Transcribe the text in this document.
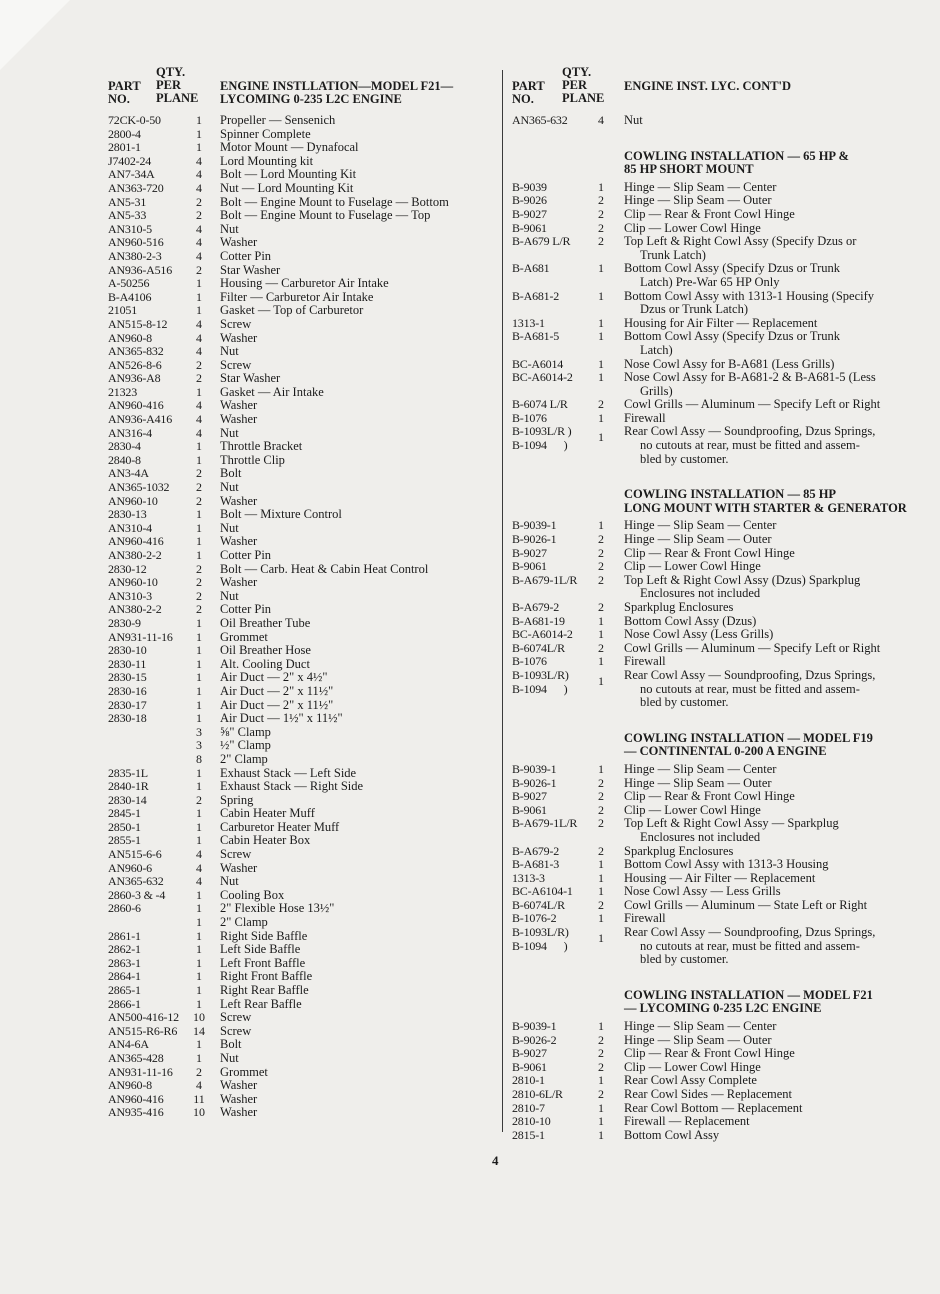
PART
NO.
QTY.
PER
PLANE
ENGINE INSTLLATION—MODEL F21—
LYCOMING 0-235 L2C ENGINE
72CK-0-50	1	Propeller — Sensenich
2800-4	1	Spinner Complete
2801-1	1	Motor Mount — Dynafocal
J7402-24	4	Lord Mounting kit
AN7-34A	4	Bolt — Lord Mounting Kit
AN363-720	4	Nut — Lord Mounting Kit
AN5-31	2	Bolt — Engine Mount to Fuselage — Bottom
AN5-33	2	Bolt — Engine Mount to Fuselage — Top
AN310-5	4	Nut
AN960-516	4	Washer
AN380-2-3	4	Cotter Pin
AN936-A516	2	Star Washer
A-50256	1	Housing — Carburetor Air Intake
B-A4106	1	Filter — Carburetor Air Intake
21051	1	Gasket — Top of Carburetor
AN515-8-12	4	Screw
AN960-8	4	Washer
AN365-832	4	Nut
AN526-8-6	2	Screw
AN936-A8	2	Star Washer
21323	1	Gasket — Air Intake
AN960-416	4	Washer
AN936-A416	4	Washer
AN316-4	4	Nut
2830-4	1	Throttle Bracket
2840-8	1	Throttle Clip
AN3-4A	2	Bolt
AN365-1032	2	Nut
AN960-10	2	Washer
2830-13	1	Bolt — Mixture Control
AN310-4	1	Nut
AN960-416	1	Washer
AN380-2-2	1	Cotter Pin
2830-12	2	Bolt — Carb. Heat & Cabin Heat Control
AN960-10	2	Washer
AN310-3	2	Nut
AN380-2-2	2	Cotter Pin
2830-9	1	Oil Breather Tube
AN931-11-16	1	Grommet
2830-10	1	Oil Breather Hose
2830-11	1	Alt. Cooling Duct
2830-15	1	Air Duct — 2" x 4½"
2830-16	1	Air Duct — 2" x 11½"
2830-17	1	Air Duct — 2" x 11½"
2830-18	1	Air Duct — 1½" x 11½"
3	⅝" Clamp
3	½" Clamp
8	2" Clamp
2835-1L	1	Exhaust Stack — Left Side
2840-1R	1	Exhaust Stack — Right Side
2830-14	2	Spring
2845-1	1	Cabin Heater Muff
2850-1	1	Carburetor Heater Muff
2855-1	1	Cabin Heater Box
AN515-6-6	4	Screw
AN960-6	4	Washer
AN365-632	4	Nut
2860-3 & -4	1	Cooling Box
2860-6	1	2" Flexible Hose 13½"
1	2" Clamp
2861-1	1	Right Side Baffle
2862-1	1	Left Side Baffle
2863-1	1	Left Front Baffle
2864-1	1	Right Front Baffle
2865-1	1	Right Rear Baffle
2866-1	1	Left Rear Baffle
AN500-416-12 10 Screw
AN515-R6-R6 14 Screw
AN4-6A	1	Bolt
AN365-428	1	Nut
AN931-11-16	2	Grommet
AN960-8	4	Washer
AN960-416 11 Washer
AN935-416 10 Washer
PART
NO.
QTY.
PER
PLANE
ENGINE INST. LYC. CONT'D
AN365-632	4	Nut
COWLING INSTALLATION — 65 HP &
85 HP SHORT MOUNT
B-9039	1	Hinge — Slip Seam — Center
B-9026	2	Hinge — Slip Seam — Outer
B-9027	2	Clip — Rear & Front Cowl Hinge
B-9061	2	Clip — Lower Cowl Hinge
B-A679 L/R	2	Top Left & Right Cowl Assy (Specify Dzus or
Trunk Latch)
B-A681	1	Bottom Cowl Assy (Specify Dzus or Trunk
Latch) Pre-War 65 HP Only
B-A681-2	1	Bottom Cowl Assy with 1313-1 Housing (Specify
Dzus or Trunk Latch)
1313-1	1	Housing for Air Filter — Replacement
B-A681-5	1	Bottom Cowl Assy (Specify Dzus or Trunk
Latch)
BC-A6014	1	Nose Cowl Assy for B-A681 (Less Grills)
BC-A6014-2	1	Nose Cowl Assy for B-A681-2 & B-A681-5 (Less
Grills)
B-6074 L/R	2	Cowl Grills — Aluminum — Specify Left or Right
B-1076	1	Firewall
B-1093L/R )
B-1094      )
1	Rear Cowl Assy — Soundproofing, Dzus Springs,
no cutouts at rear, must be fitted and assem-
bled by customer.
COWLING INSTALLATION — 85 HP
LONG MOUNT WITH STARTER & GENERATOR
B-9039-1	1	Hinge — Slip Seam — Center
B-9026-1	2	Hinge — Slip Seam — Outer
B-9027	2	Clip — Rear & Front Cowl Hinge
B-9061	2	Clip — Lower Cowl Hinge
B-A679-1L/R	2	Top Left & Right Cowl Assy (Dzus) Sparkplug
Enclosures not included
B-A679-2	2	Sparkplug Enclosures
B-A681-19	1	Bottom Cowl Assy (Dzus)
BC-A6014-2	1	Nose Cowl Assy (Less Grills)
B-6074L/R	2	Cowl Grills — Aluminum — Specify Left or Right
B-1076	1	Firewall
B-1093L/R)
B-1094      )
1	Rear Cowl Assy — Soundproofing, Dzus Springs,
no cutouts at rear, must be fitted and assem-
bled by customer.
COWLING INSTALLATION — MODEL F19
— CONTINENTAL 0-200 A ENGINE
B-9039-1	1	Hinge — Slip Seam — Center
B-9026-1	2	Hinge — Slip Seam — Outer
B-9027	2	Clip — Rear & Front Cowl Hinge
B-9061	2	Clip — Lower Cowl Hinge
B-A679-1L/R	2	Top Left & Right Cowl Assy — Sparkplug
Enclosures not included
B-A679-2	2	Sparkplug Enclosures
B-A681-3	1	Bottom Cowl Assy with 1313-3 Housing
1313-3	1	Housing — Air Filter — Replacement
BC-A6104-1	1	Nose Cowl Assy — Less Grills
B-6074L/R	2	Cowl Grills — Aluminum — State Left or Right
B-1076-2	1	Firewall
B-1093L/R)
B-1094      )
1	Rear Cowl Assy — Soundproofing, Dzus Springs,
no cutouts at rear, must be fitted and assem-
bled by customer.
COWLING INSTALLATION — MODEL F21
— LYCOMING 0-235 L2C ENGINE
B-9039-1	1	Hinge — Slip Seam — Center
B-9026-2	2	Hinge — Slip Seam — Outer
B-9027	2	Clip — Rear & Front Cowl Hinge
B-9061	2	Clip — Lower Cowl Hinge
2810-1	1	Rear Cowl Assy Complete
2810-6L/R	2	Rear Cowl Sides — Replacement
2810-7	1	Rear Cowl Bottom — Replacement
2810-10	1	Firewall — Replacement
2815-1	1	Bottom Cowl Assy
4
